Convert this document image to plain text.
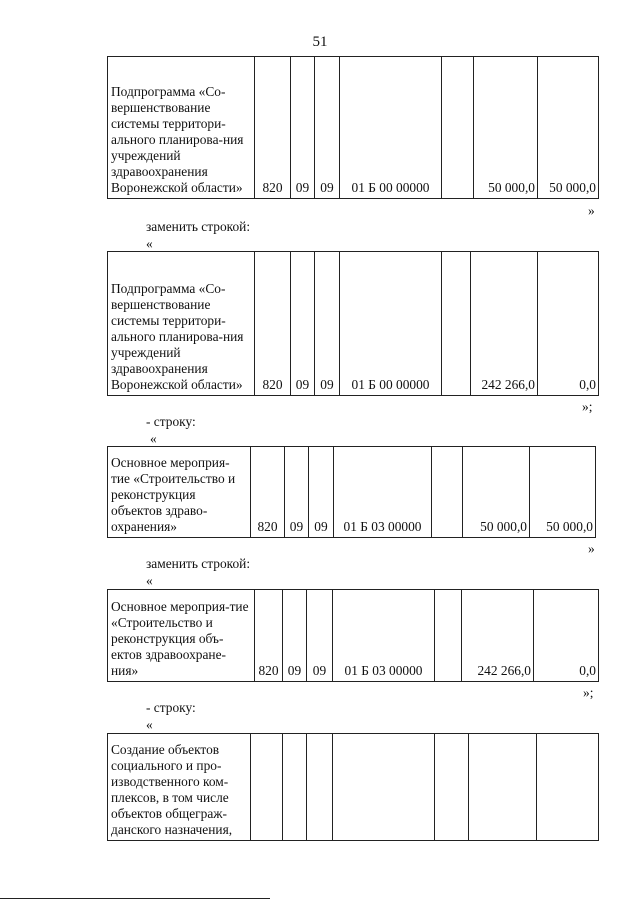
51
Подпрограмма «Со-вершенствование системы территори-ального планирова-ния учреждений здравоохранения Воронежской области»	820	09	09	01 Б 00 00000		50 000,0	50 000,0
»
заменить строкой:
«
Подпрограмма «Со-вершенствование системы территори-ального планирова-ния учреждений здравоохранения Воронежской области»	820	09	09	01 Б 00 00000		242 266,0	0,0
»;
- строку:
«
Основное мероприя-тие «Строительство и реконструкция объектов здраво-охранения»	820	09	09	01 Б 03 00000		50 000,0	50 000,0
»
заменить строкой:
«
Основное мероприя-тие «Строительство и реконструкция объ-ектов здравоохране-ния»	820	09	09	01 Б 03 00000		242 266,0	0,0
»;
- строку:
«
Создание объектов социального и про-изводственного ком-плексов, в том числе объектов общеграж-данского назначения,							
